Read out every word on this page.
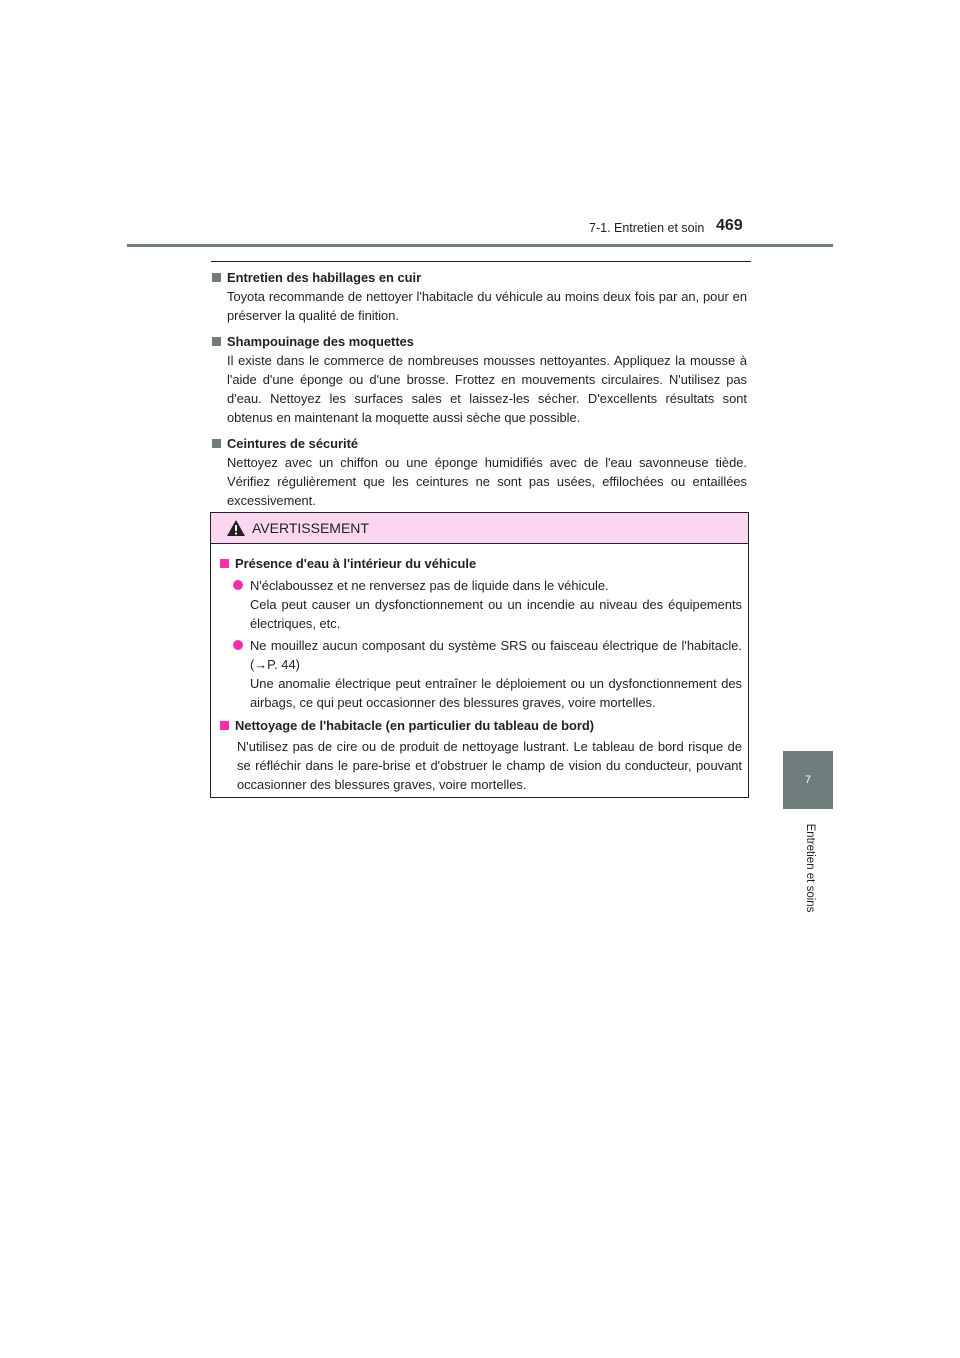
7-1. Entretien et soin 469
7
Entretien et soins
Entretien des habillages en cuir

Toyota recommande de nettoyer l'habitacle du véhicule au moins deux fois par an, pour en préserver la qualité de finition.

Shampouinage des moquettes

Il existe dans le commerce de nombreuses mousses nettoyantes. Appliquez la mousse à l'aide d'une éponge ou d'une brosse. Frottez en mouvements circulaires. N'utilisez pas d'eau. Nettoyez les surfaces sales et laissez-les sécher. D'excellents résultats sont obtenus en maintenant la moquette aussi sèche que possible.

Ceintures de sécurité

Nettoyez avec un chiffon ou une éponge humidifiés avec de l'eau savonneuse tiède. Vérifiez régulièrement que les ceintures ne sont pas usées, effilochées ou entaillées excessivement.

AVERTISSEMENT
Présence d'eau à l'intérieur du véhicule

N'éclaboussez et ne renversez pas de liquide dans le véhicule.

Cela peut causer un dysfonctionnement ou un incendie au niveau des équipements électriques, etc.

Ne mouillez aucun composant du système SRS ou faisceau électrique de l'habitacle. (→P. 44)

Une anomalie électrique peut entraîner le déploiement ou un dysfonctionnement des airbags, ce qui peut occasionner des blessures graves, voire mortelles.

Nettoyage de l'habitacle (en particulier du tableau de bord)

N'utilisez pas de cire ou de produit de nettoyage lustrant. Le tableau de bord risque de se réfléchir dans le pare-brise et d'obstruer le champ de vision du conducteur, pouvant occasionner des blessures graves, voire mortelles.
